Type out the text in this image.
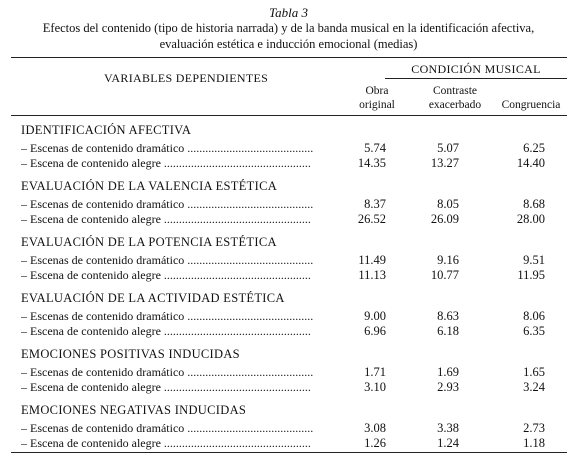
Tabla 3
Efectos del contenido (tipo de historia narrada) y de la banda musical en la identificación afectiva,
evaluación estética e inducción emocional (medias)
CONDICIÓN MUSICAL
VARIABLES DEPENDIENTES
Obra
original
Contraste
exacerbado	Congruencia
IDENTIFICACIÓN AFECTIVA
– Escenas de contenido dramático ..........................................	5.74	5.07	6.25
– Escena de contenido alegre .................................................	14.35	13.27	14.40
EVALUACIÓN DE LA VALENCIA ESTÉTICA
– Escenas de contenido dramático ..........................................	8.37	8.05	8.68
– Escena de contenido alegre .................................................	26.52	26.09	28.00
EVALUACIÓN DE LA POTENCIA ESTÉTICA
– Escenas de contenido dramático ..........................................	11.49	9.16	9.51
– Escena de contenido alegre .................................................	11.13	10.77	11.95
EVALUACIÓN DE LA ACTIVIDAD ESTÉTICA
– Escenas de contenido dramático ..........................................	9.00	8.63	8.06
– Escena de contenido alegre .................................................	6.96	6.18	6.35
EMOCIONES POSITIVAS INDUCIDAS
– Escenas de contenido dramático ..........................................	1.71	1.69	1.65
– Escena de contenido alegre .................................................	3.10	2.93	3.24
EMOCIONES NEGATIVAS INDUCIDAS
– Escenas de contenido dramático ..........................................	3.08	3.38	2.73
– Escena de contenido alegre .................................................	1.26	1.24	1.18
